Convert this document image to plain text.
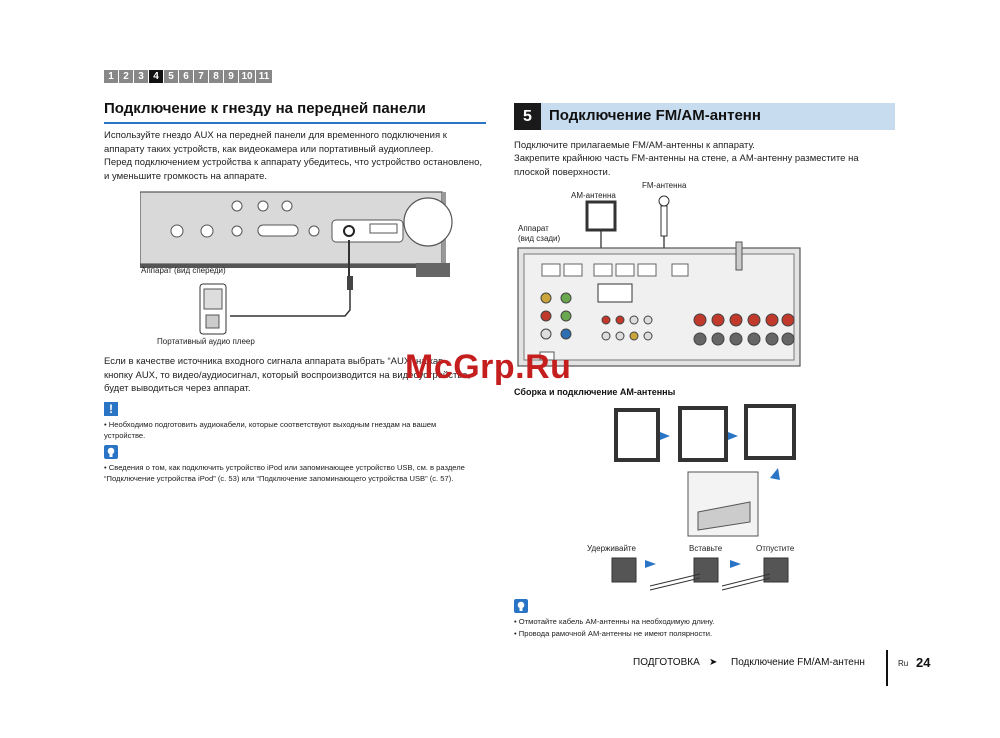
1 2 3 4 5 6 7 8 9 10 11
Подключение к гнезду на передней панели
Используйте гнездо AUX на передней панели для временного подключения к аппарату таких устройств, как видеокамера или портативный аудиоплеер.
Перед подключением устройства к аппарату убедитесь, что устройство остановлено, и уменьшите громкость на аппарате.
Аппарат (вид спереди)
Портативный аудио плеер
Если в качестве источника входного сигнала аппарата выбрать “AUX” нажав кнопку AUX, то видео/аудиосигнал, который воспроизводится на видеоустройстве, будет выводиться через аппарат.
!
• Необходимо подготовить аудиокабели, которые соответствуют выходным гнездам на вашем устройстве.
• Сведения о том, как подключить устройство iPod или запоминающее устройство USB, см. в разделе “Подключение устройства iPod” (с. 53) или “Подключение запоминающего устройства USB” (с. 57).
5	Подключение FM/AM-антенн
Подключите прилагаемые FM/AM-антенны к аппарату.
Закрепите крайнюю часть FM-антенны на стене, а AM-антенну разместите на плоской поверхности.
AM-антенна
FM-антенна
Аппарат
(вид сзади)
McGrp.Ru
Сборка и подключение AM-антенны
Удерживайте	Вставьте	Отпустите
• Отмотайте кабель AM-антенны на необходимую длину.
• Провода рамочной AM-антенны не имеют полярности.
ПОДГОТОВКА ➤ Подключение FM/AM-антенн	Ru 24
